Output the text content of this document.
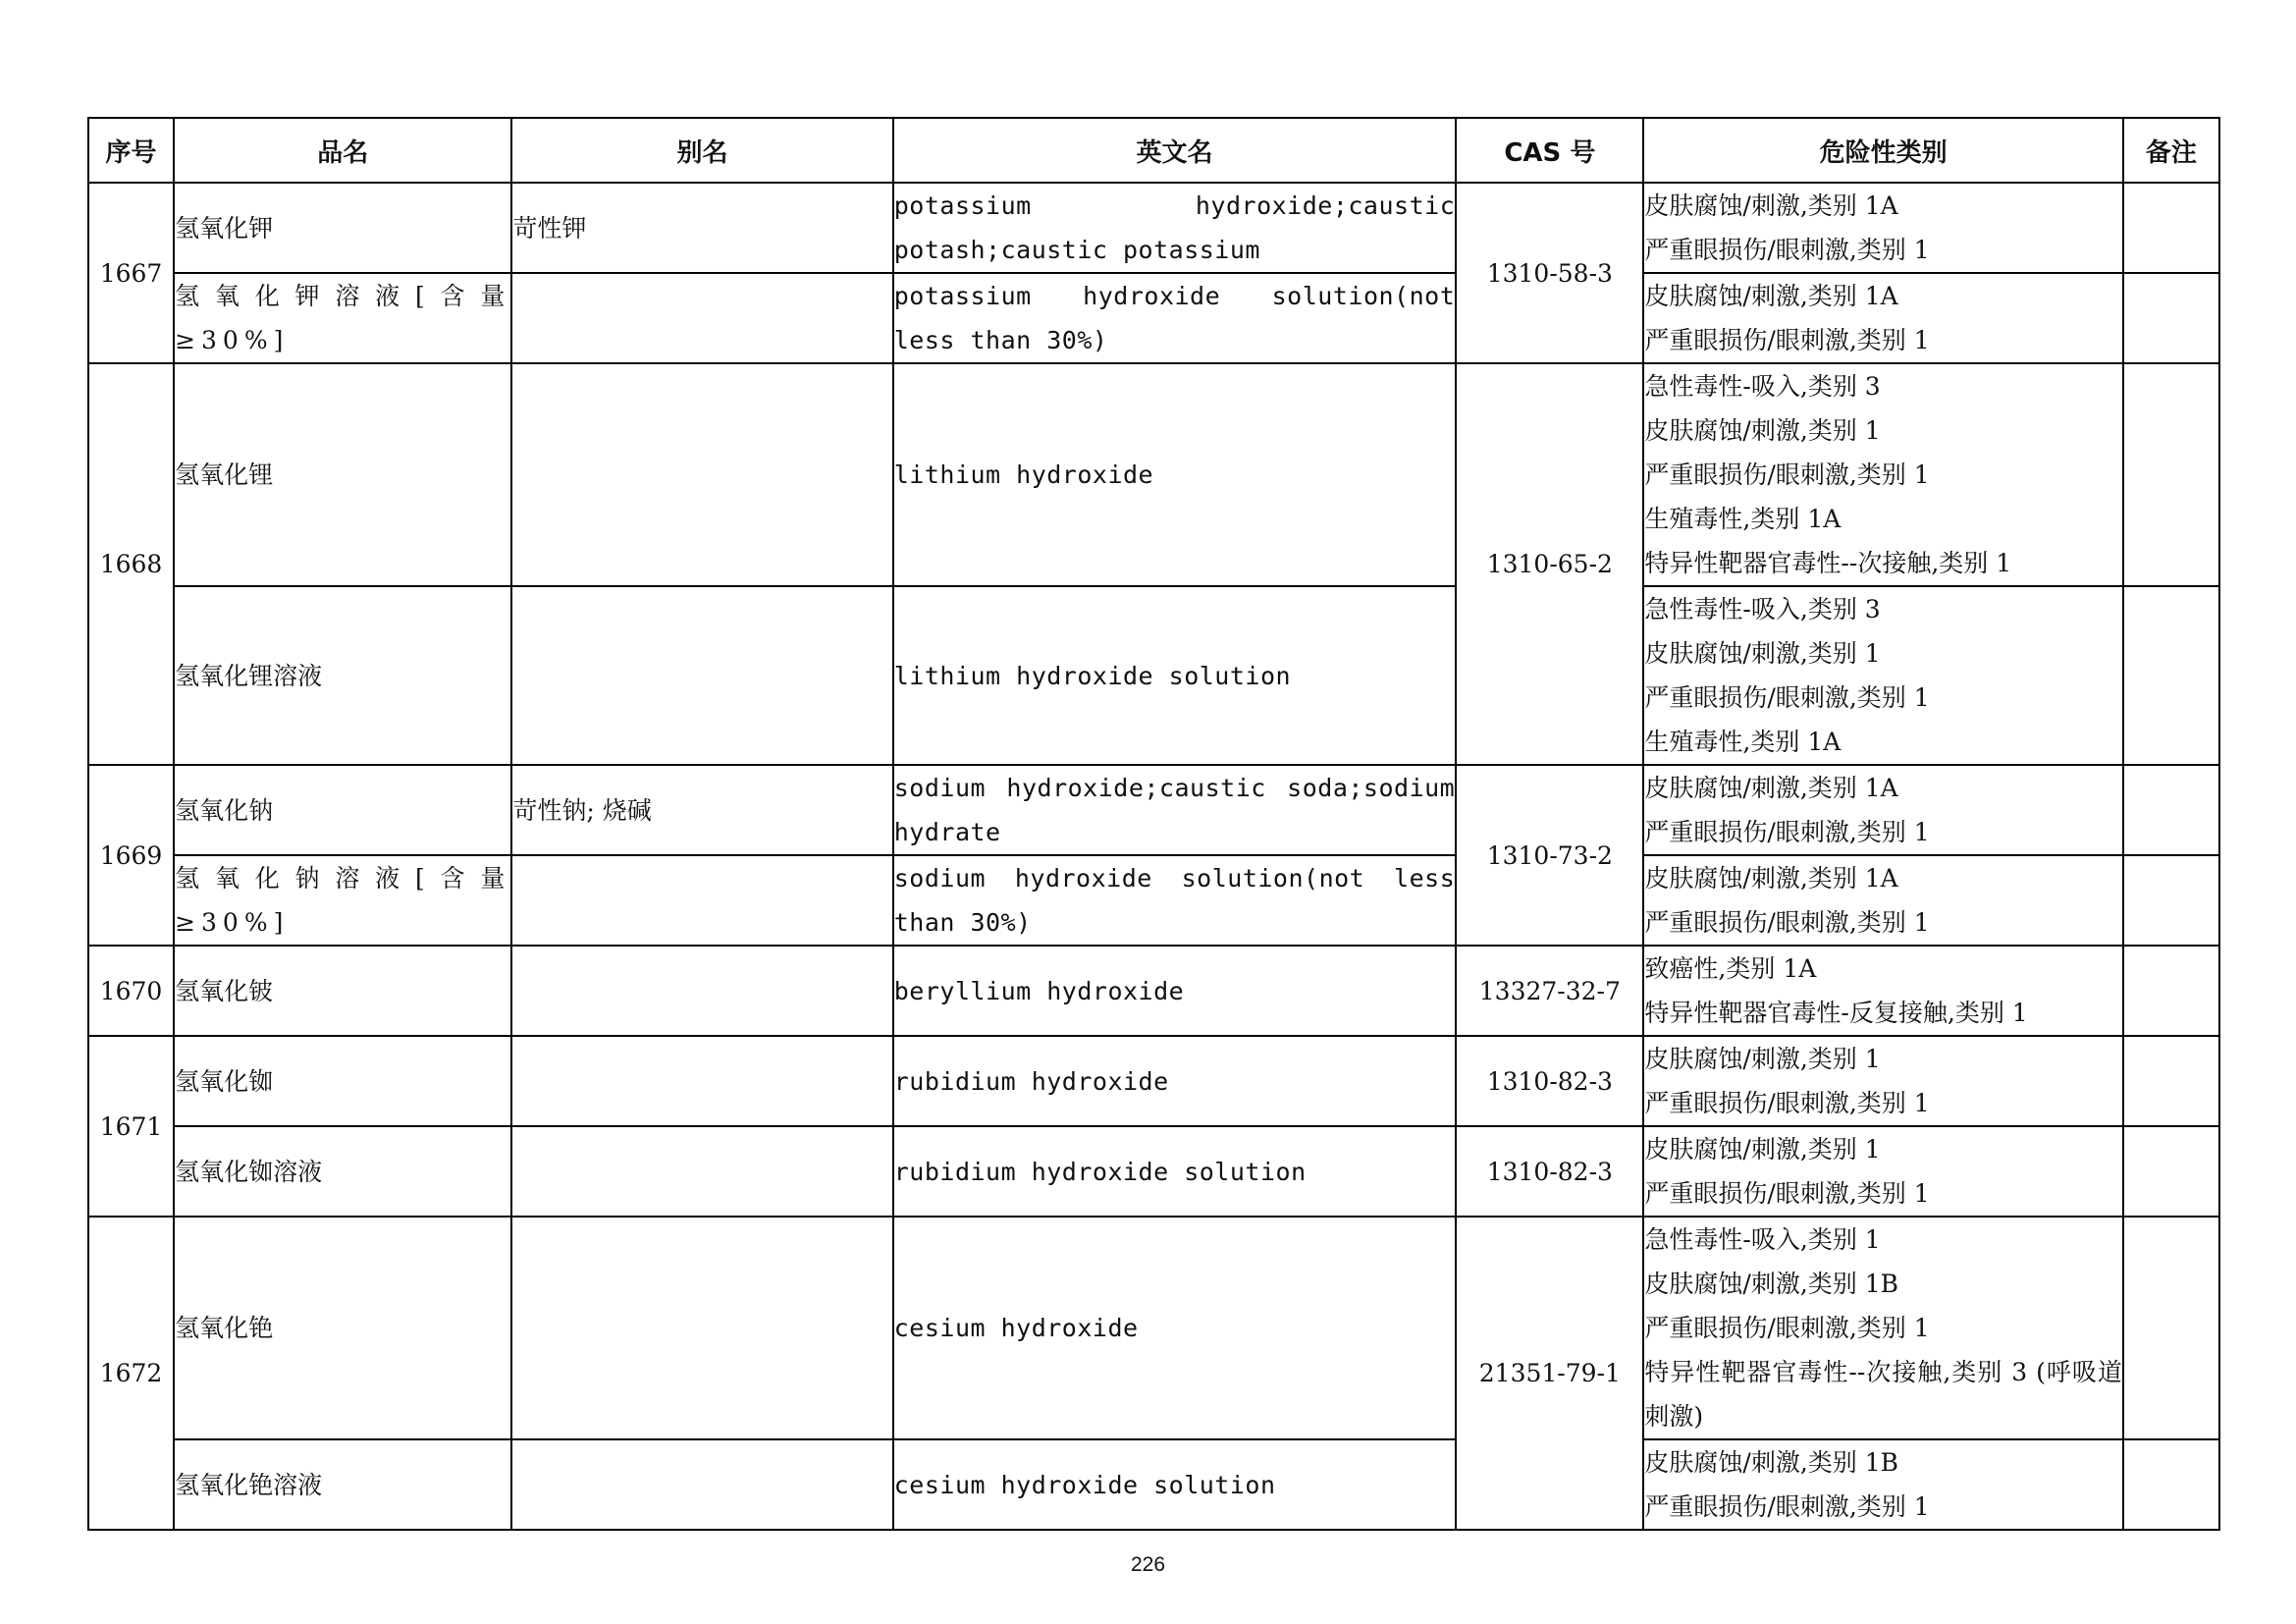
序号	品名	别名	英文名	CAS 号	危险性类别	备注
1667	氢氧化钾	苛性钾	potassium hydroxide;caustic potash;caustic potassium	1310-58-3	皮肤腐蚀/刺激,类别 1A
严重眼损伤/眼刺激,类别 1	

	氢氧化钾溶液[含量≥30%]		potassium hydroxide solution(not less than 30%)		皮肤腐蚀/刺激,类别 1A
严重眼损伤/眼刺激,类别 1	

1668	氢氧化锂		lithium hydroxide	1310-65-2	急性毒性-吸入,类别 3
皮肤腐蚀/刺激,类别 1
严重眼损伤/眼刺激,类别 1
生殖毒性,类别 1A
特异性靶器官毒性--次接触,类别 1	

	氢氧化锂溶液		lithium hydroxide solution		急性毒性-吸入,类别 3
皮肤腐蚀/刺激,类别 1
严重眼损伤/眼刺激,类别 1
生殖毒性,类别 1A	

1669	氢氧化钠	苛性钠; 烧碱	sodium hydroxide;caustic soda;sodium hydrate	1310-73-2	皮肤腐蚀/刺激,类别 1A
严重眼损伤/眼刺激,类别 1	

	氢氧化钠溶液[含量≥30%]		sodium hydroxide solution(not less than 30%)		皮肤腐蚀/刺激,类别 1A
严重眼损伤/眼刺激,类别 1	

1670	氢氧化铍		beryllium hydroxide	13327-32-7	致癌性,类别 1A
特异性靶器官毒性-反复接触,类别 1	

1671	氢氧化铷		rubidium hydroxide	1310-82-3	皮肤腐蚀/刺激,类别 1
严重眼损伤/眼刺激,类别 1	

	氢氧化铷溶液		rubidium hydroxide solution	1310-82-3	皮肤腐蚀/刺激,类别 1
严重眼损伤/眼刺激,类别 1	

1672	氢氧化铯		cesium hydroxide	21351-79-1	急性毒性-吸入,类别 1
皮肤腐蚀/刺激,类别 1B
严重眼损伤/眼刺激,类别 1
特异性靶器官毒性--次接触,类别 3 (呼吸道刺激)	

	氢氧化铯溶液		cesium hydroxide solution		皮肤腐蚀/刺激,类别 1B
严重眼损伤/眼刺激,类别 1	

226
